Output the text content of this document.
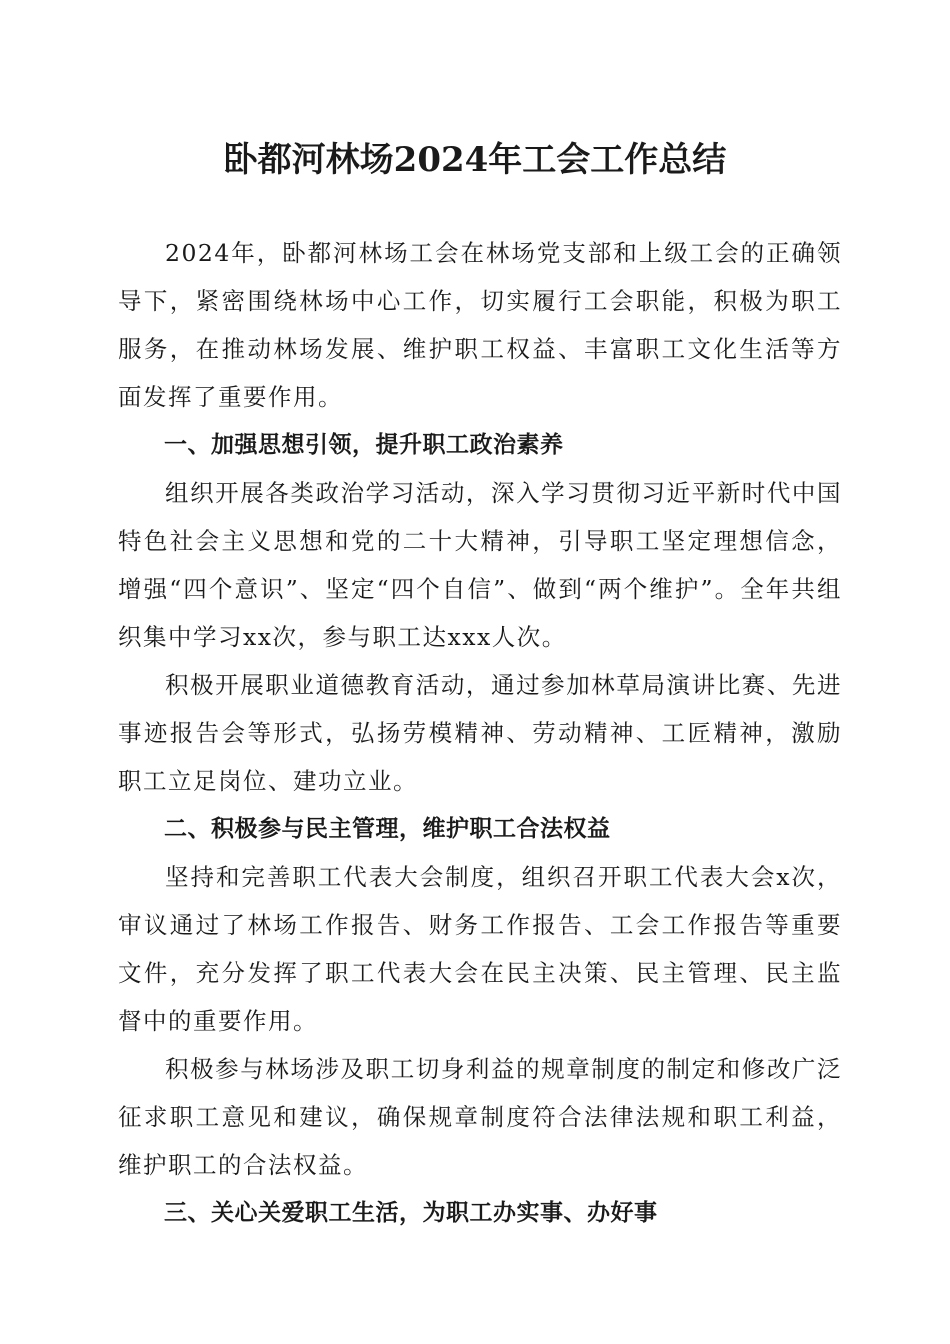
卧都河林场2024年工会工作总结

2024年，卧都河林场工会在林场党支部和上级工会的正确领导下，紧密围绕林场中心工作，切实履行工会职能，积极为职工服务，在推动林场发展、维护职工权益、丰富职工文化生活等方面发挥了重要作用。

一、加强思想引领，提升职工政治素养

组织开展各类政治学习活动，深入学习贯彻习近平新时代中国特色社会主义思想和党的二十大精神，引导职工坚定理想信念，增强“四个意识”、坚定“四个自信”、做到“两个维护”。全年共组织集中学习xx次，参与职工达xxx人次。

积极开展职业道德教育活动，通过参加林草局演讲比赛、先进事迹报告会等形式，弘扬劳模精神、劳动精神、工匠精神，激励职工立足岗位、建功立业。

二、积极参与民主管理，维护职工合法权益

坚持和完善职工代表大会制度，组织召开职工代表大会x次，审议通过了林场工作报告、财务工作报告、工会工作报告等重要文件，充分发挥了职工代表大会在民主决策、民主管理、民主监督中的重要作用。

积极参与林场涉及职工切身利益的规章制度的制定和修改广泛征求职工意见和建议，确保规章制度符合法律法规和职工利益，维护职工的合法权益。

三、关心关爱职工生活，为职工办实事、办好事
